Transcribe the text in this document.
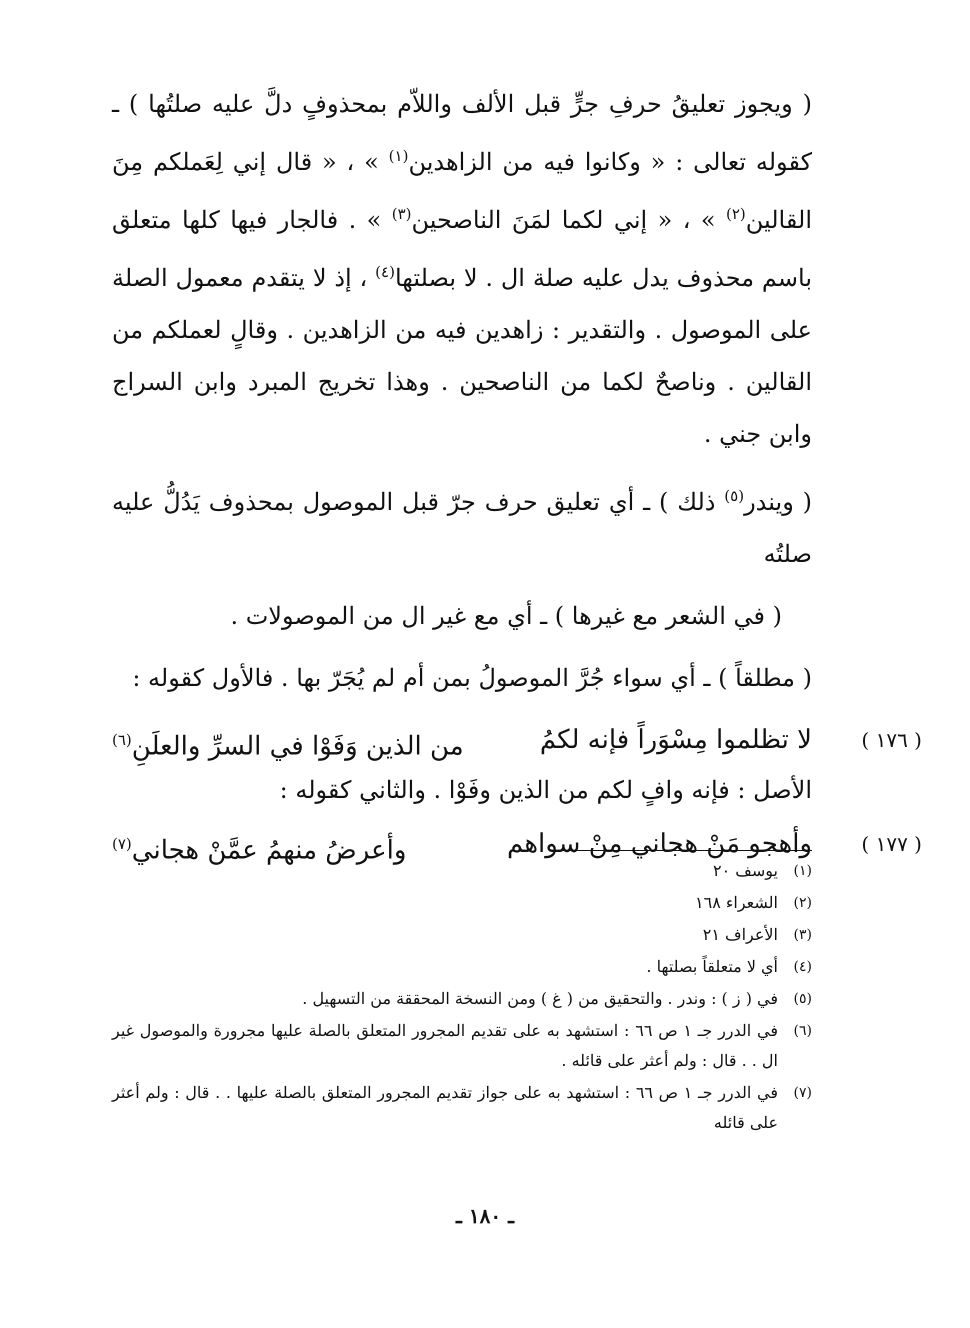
( ويجوز تعليقُ حرفِ جرٍّ قبل الألف واللاّم بمحذوفٍ دلَّ عليه صلتُها ) ـ كقوله تعالى : « وكانوا فيه من الزاهدين$^{(١)}$ » ، « قال إني لِعَملكم مِنَ القالين$^{(٢)}$ » ، « إني لكما لمَنَ الناصحين$^{(٣)}$ » . فالجار فيها كلها متعلق باسم محذوف يدل عليه صلة ال . لا بصلتها$^{(٤)}$ ، إذ لا يتقدم معمول الصلة على الموصول . والتقدير : زاهدين فيه من الزاهدين . وقالٍ لعملكم من القالين . وناصحٌ لكما من الناصحين . وهذا تخريج المبرد وابن السراج وابن جني .

( ويندر$^{(٥)}$ ذلك ) ـ أي تعليق حرف جرّ قبل الموصول بمحذوف يَدُلُّ عليه صلتُه

( في الشعر مع غيرها ) ـ أي مع غير ال من الموصولات .

( مطلقاً ) ـ أي سواء جُرَّ الموصولُ بمن أم لم يُجَرّ بها . فالأول كقوله :

( ١٧٦ )
لا تظلموا مِسْوَراً فإنه لكمُ
من الذين وَفَوْا في السرِّ والعلَنِ$^{(٦)}$
الأصل : فإنه وافٍ لكم من الذين وفَوْا . والثاني كقوله :
( ١٧٧ )
وأهجو مَنْ هجاني مِنْ سواهم
وأعرضُ منهمُ عمَّنْ هجاني$^{(٧)}$
(١)
يوسف ٢٠
(٢)
الشعراء ١٦٨
(٣)
الأعراف ٢١
(٤)
أي لا متعلقاً بصلتها .
(٥)
في ( ز ) : وندر . والتحقيق من ( غ ) ومن النسخة المحققة من التسهيل .
(٦)
في الدرر جـ ١ ص ٦٦ : استشهد به على تقديم المجرور المتعلق بالصلة عليها مجرورة والموصول غير ال . . قال : ولم أعثر على قائله .
(٧)
في الدرر جـ ١ ص ٦٦ : استشهد به على جواز تقديم المجرور المتعلق بالصلة عليها . . قال : ولم أعثر على قائله
ـ ١٨٠ ـ
